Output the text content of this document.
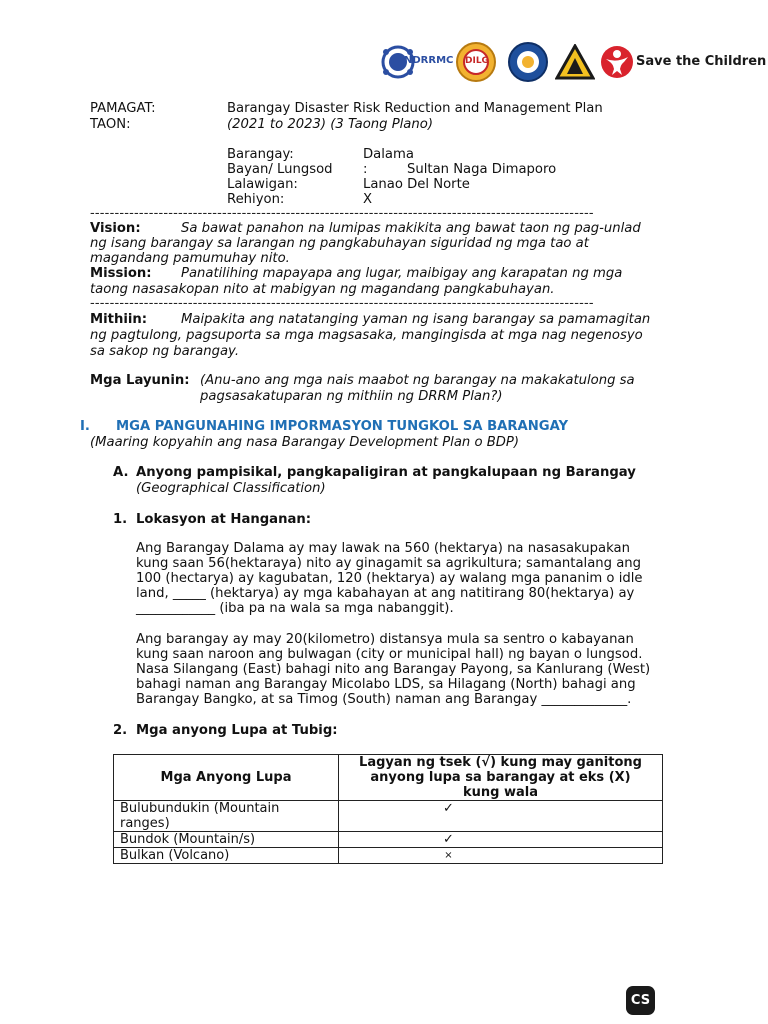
NDRRMC DILG	Save the Children
PAMAGAT:	Barangay Disaster Risk Reduction and Management Plan
TAON:	(2021 to 2023) (3 Taong Plano)
Barangay:	Dalama
Bayan/ Lungsod :	Sultan Naga Dimaporo
Lalawigan:	Lanao Del Norte
Rehiyon:	X
-------------------------------------------------------------------------------------------------------
Vision:	Sa bawat panahon na lumipas makikita ang bawat taon ng pag-unlad
ng isang barangay sa larangan ng pangkabuhayan siguridad ng mga tao at
magandang pamumuhay nito.
Mission: Panatilihing mapayapa ang lugar, maibigay ang karapatan ng mga
taong nasasakopan nito at mabigyan ng magandang pangkabuhayan.
-------------------------------------------------------------------------------------------------------
Mithiin:	Maipakita ang natatanging yaman ng isang barangay sa pamamagitan
ng pagtulong, pagsuporta sa mga magsasaka, mangingisda at mga nag negenosyo
sa sakop ng barangay.
Mga Layunin: (Anu-ano ang mga nais maabot ng barangay na makakatulong sa
pagsasakatuparan ng mithiin ng DRRM Plan?)
I. MGA PANGUNAHING IMPORMASYON TUNGKOL SA BARANGAY
(Maaring kopyahin ang nasa Barangay Development Plan o BDP)
A. Anyong pampisikal, pangkapaligiran at pangkalupaan ng Barangay
(Geographical Classification)
1. Lokasyon at Hanganan:
Ang Barangay Dalama ay may lawak na 560 (hektarya) na nasasakupakan
kung saan 56(hektaraya) nito ay ginagamit sa agrikultura; samantalang ang
100 (hectarya) ay kagubatan, 120 (hektarya) ay walang mga pananim o idle
land, _____ (hektarya) ay mga kabahayan at ang natitirang 80(hektarya) ay
____________ (iba pa na wala sa mga nabanggit).
Ang barangay ay may 20(kilometro) distansya mula sa sentro o kabayanan
kung saan naroon ang bulwagan (city or municipal hall) ng bayan o lungsod.
Nasa Silangang (East) bahagi nito ang Barangay Payong, sa Kanlurang (West)
bahagi naman ang Barangay Micolabo LDS, sa Hilagang (North) bahagi ang
Barangay Bangko, at sa Timog (South) naman ang Barangay _____________.
2. Mga anyong Lupa at Tubig:
Mga Anyong Lupa	Lagyan ng tsek (√) kung may ganitong
anyong lupa sa barangay at eks (X)
kung wala

Bulubundukin (Mountain
ranges)	✓
Bundok (Mountain/s)	✓
Bulkan (Volcano)	×
CS
